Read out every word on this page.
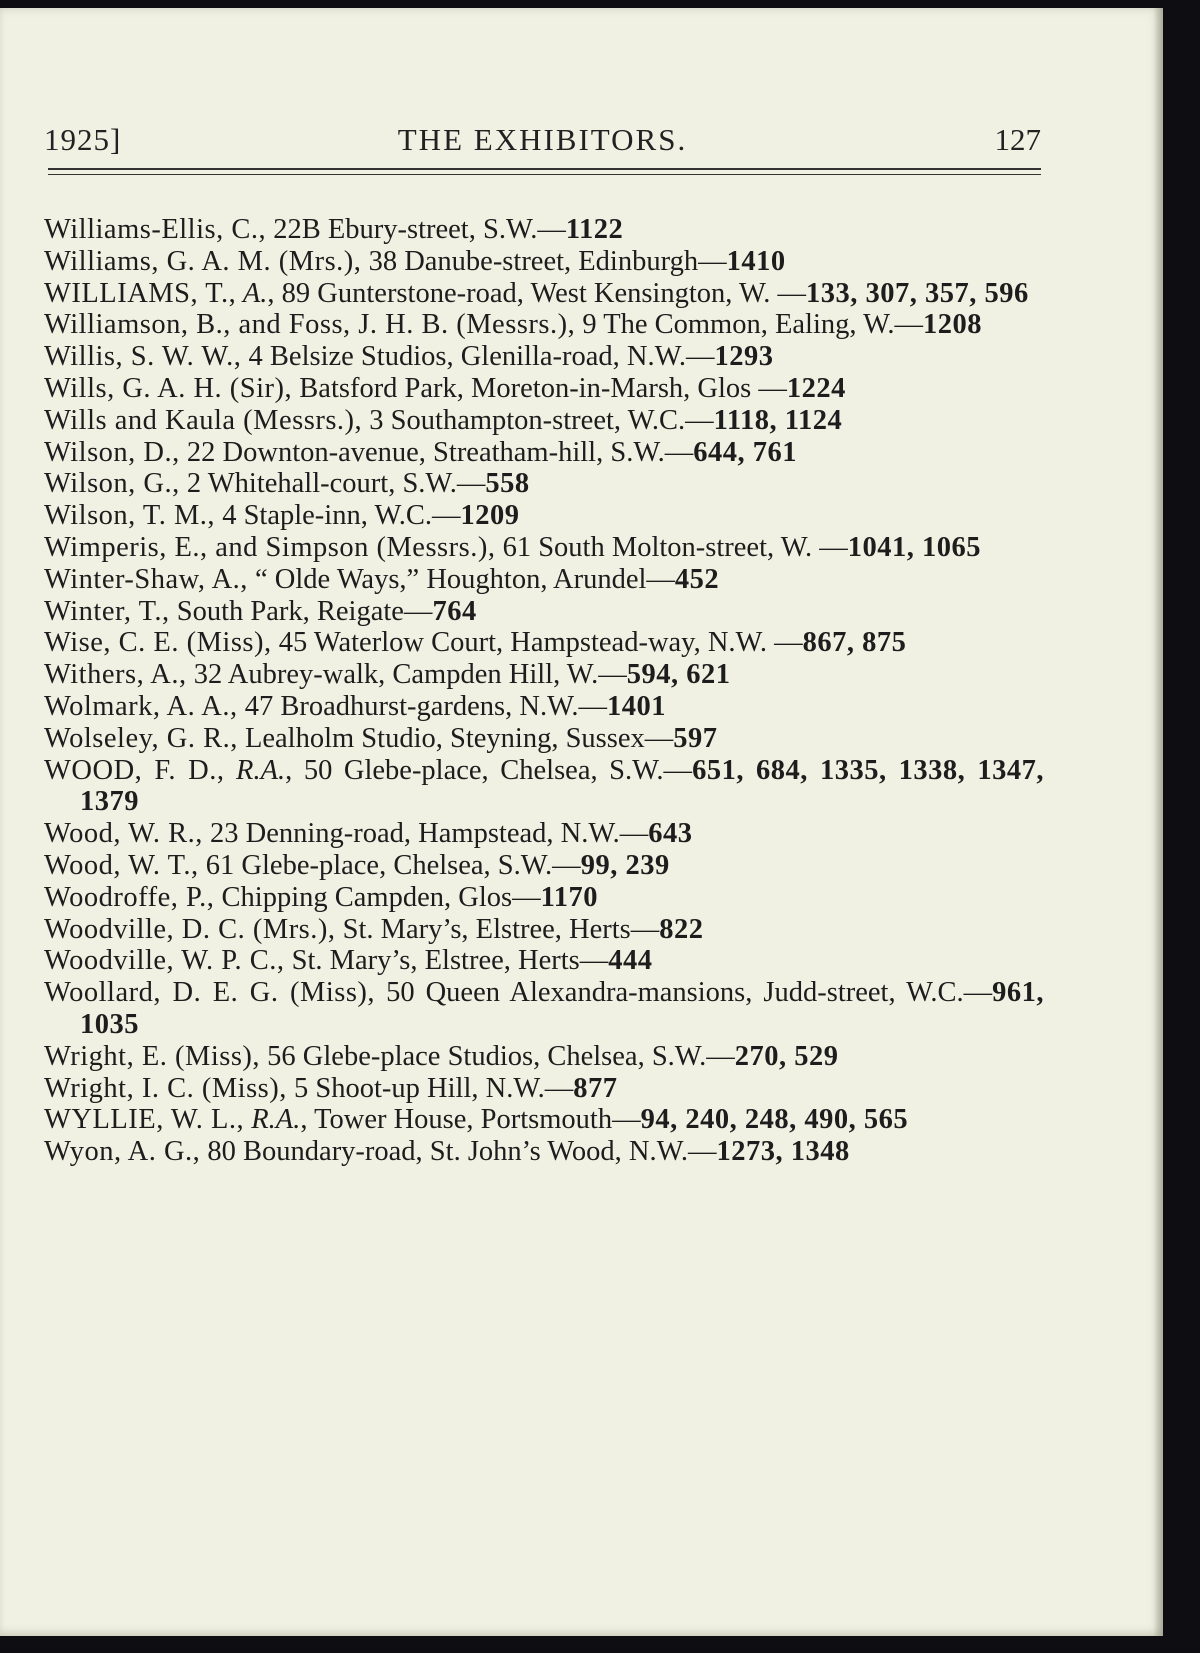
1925]	THE EXHIBITORS.	127
Williams-Ellis, C., 22B Ebury-street, S.W.—1122
Williams, G. A. M. (Mrs.), 38 Danube-street, Edinburgh—1410
WILLIAMS, T., A., 89 Gunterstone-road, West Kensington, W. —133, 307, 357, 596
Williamson, B., and Foss, J. H. B. (Messrs.), 9 The Common, Ealing, W.—1208
Willis, S. W. W., 4 Belsize Studios, Glenilla-road, N.W.—1293
Wills, G. A. H. (Sir), Batsford Park, Moreton-in-Marsh, Glos —1224
Wills and Kaula (Messrs.), 3 Southampton-street, W.C.—1118, 1124
Wilson, D., 22 Downton-avenue, Streatham-hill, S.W.—644, 761
Wilson, G., 2 Whitehall-court, S.W.—558
Wilson, T. M., 4 Staple-inn, W.C.—1209
Wimperis, E., and Simpson (Messrs.), 61 South Molton-street, W. —1041, 1065
Winter-Shaw, A., “ Olde Ways,” Houghton, Arundel—452
Winter, T., South Park, Reigate—764
Wise, C. E. (Miss), 45 Waterlow Court, Hampstead-way, N.W. —867, 875
Withers, A., 32 Aubrey-walk, Campden Hill, W.—594, 621
Wolmark, A. A., 47 Broadhurst-gardens, N.W.—1401
Wolseley, G. R., Lealholm Studio, Steyning, Sussex—597
WOOD, F. D., R.A., 50 Glebe-place, Chelsea, S.W.—651, 684, 1335, 1338, 1347, 1379
Wood, W. R., 23 Denning-road, Hampstead, N.W.—643
Wood, W. T., 61 Glebe-place, Chelsea, S.W.—99, 239
Woodroffe, P., Chipping Campden, Glos—1170
Woodville, D. C. (Mrs.), St. Mary’s, Elstree, Herts—822
Woodville, W. P. C., St. Mary’s, Elstree, Herts—444
Woollard, D. E. G. (Miss), 50 Queen Alexandra-mansions, Judd-street, W.C.—961, 1035
Wright, E. (Miss), 56 Glebe-place Studios, Chelsea, S.W.—270, 529
Wright, I. C. (Miss), 5 Shoot-up Hill, N.W.—877
WYLLIE, W. L., R.A., Tower House, Portsmouth—94, 240, 248, 490, 565
Wyon, A. G., 80 Boundary-road, St. John’s Wood, N.W.—1273, 1348
